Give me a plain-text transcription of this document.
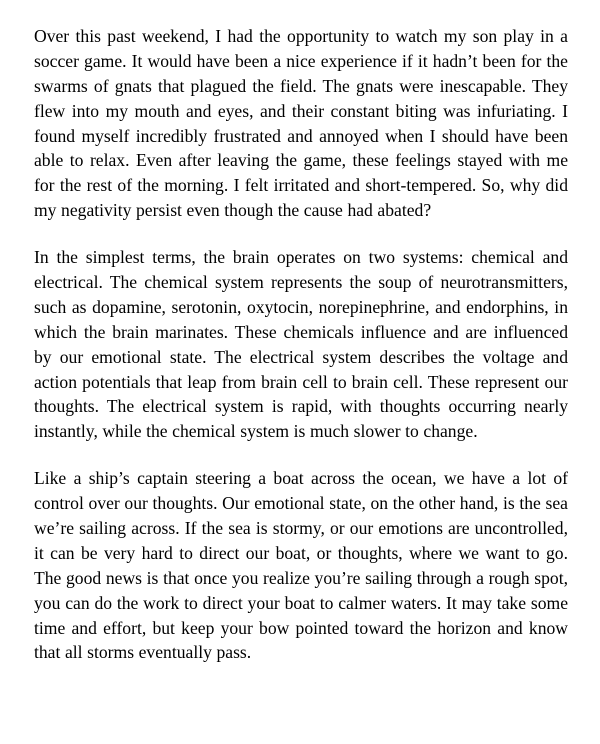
Over this past weekend, I had the opportunity to watch my son play in a soccer game. It would have been a nice experience if it hadn’t been for the swarms of gnats that plagued the field. The gnats were inescapable. They flew into my mouth and eyes, and their constant biting was infuriating. I found myself incredibly frustrated and annoyed when I should have been able to relax. Even after leaving the game, these feelings stayed with me for the rest of the morning. I felt irritated and short-tempered. So, why did my negativity persist even though the cause had abated?

In the simplest terms, the brain operates on two systems: chemical and electrical. The chemical system represents the soup of neurotransmitters, such as dopamine, serotonin, oxytocin, norepinephrine, and endorphins, in which the brain marinates. These chemicals influence and are influenced by our emotional state. The electrical system describes the voltage and action potentials that leap from brain cell to brain cell. These represent our thoughts. The electrical system is rapid, with thoughts occurring nearly instantly, while the chemical system is much slower to change.

Like a ship’s captain steering a boat across the ocean, we have a lot of control over our thoughts. Our emotional state, on the other hand, is the sea we’re sailing across. If the sea is stormy, or our emotions are uncontrolled, it can be very hard to direct our boat, or thoughts, where we want to go. The good news is that once you realize you’re sailing through a rough spot, you can do the work to direct your boat to calmer waters. It may take some time and effort, but keep your bow pointed toward the horizon and know that all storms eventually pass.
